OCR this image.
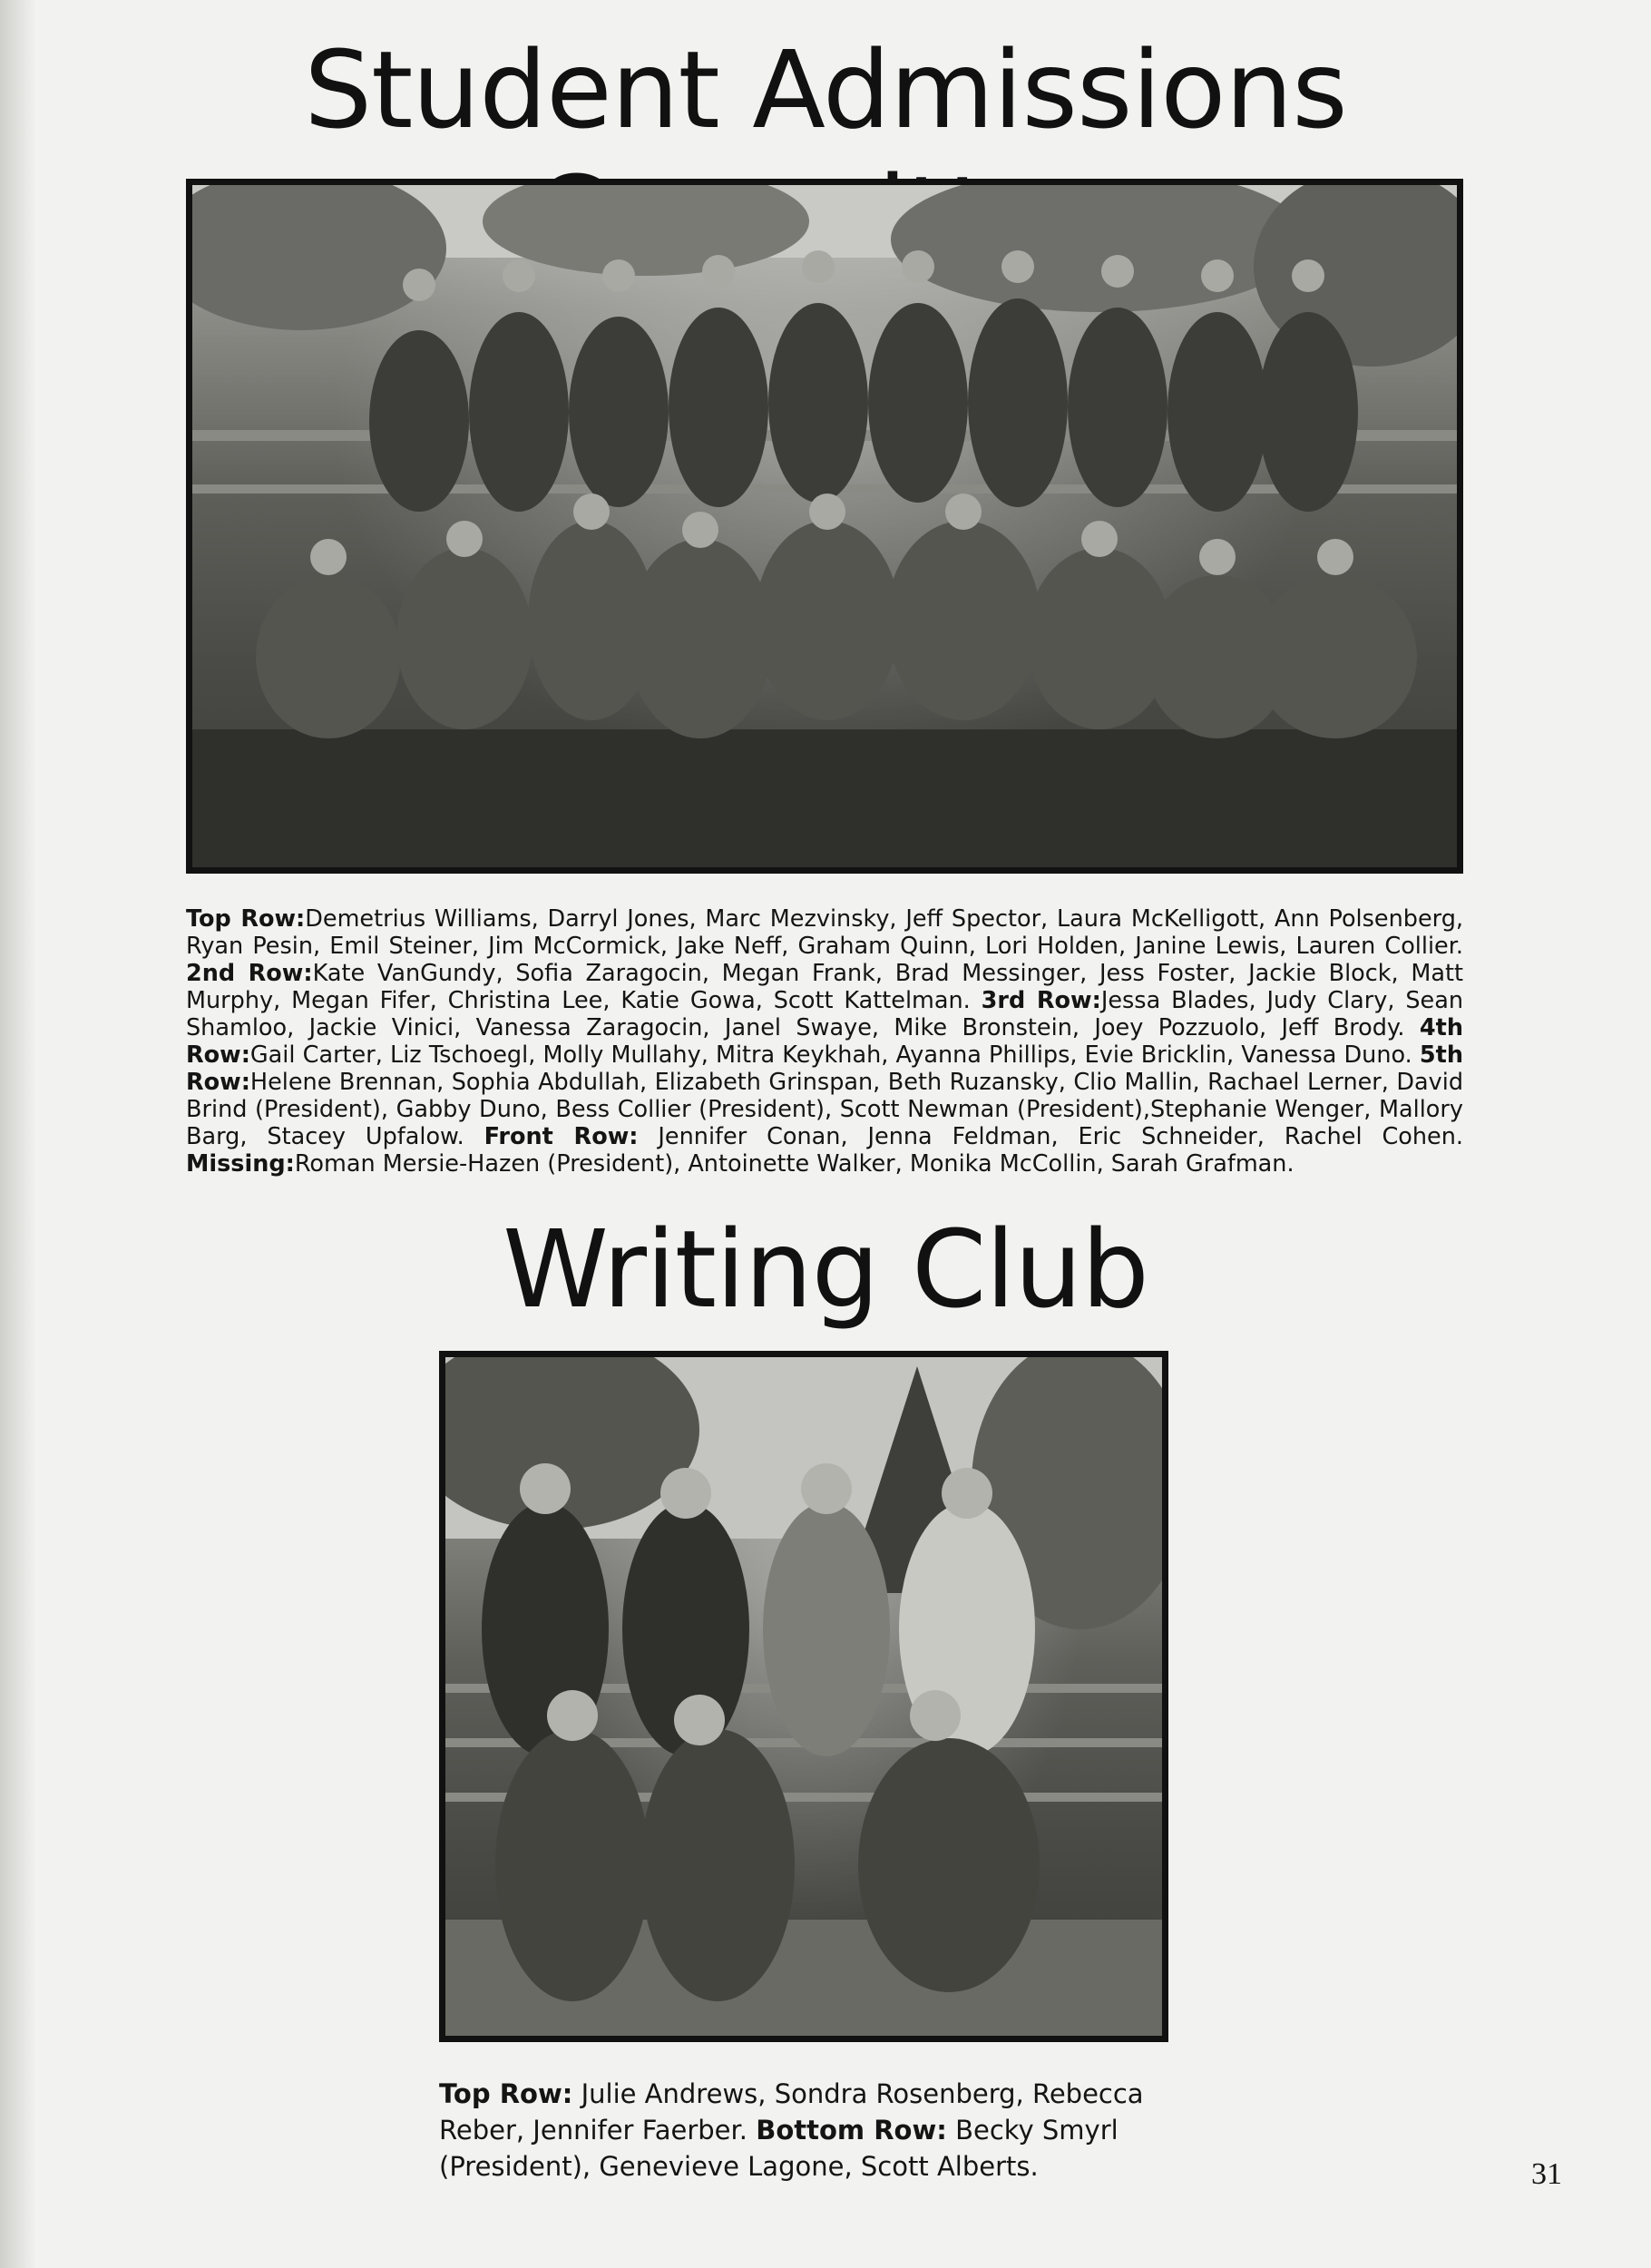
Student Admissions

Top Row:Demetrius Williams, Darryl Jones, Marc Mezvinsky, Jeff Spector, Laura McKelligott, Ann Polsenberg, Ryan Pesin, Emil Steiner, Jim McCormick, Jake Neff, Graham Quinn, Lori Holden, Janine Lewis, Lauren Collier. 2nd Row:Kate VanGundy, Sofia Zaragocin, Megan Frank, Brad Messinger, Jess Foster, Jackie Block, Matt Murphy, Megan Fifer, Christina Lee, Katie Gowa, Scott Kattelman. 3rd Row:Jessa Blades, Judy Clary, Sean Shamloo, Jackie Vinici, Vanessa Zaragocin, Janel Swaye, Mike Bronstein, Joey Pozzuolo, Jeff Brody. 4th Row:Gail Carter, Liz Tschoegl, Molly Mullahy, Mitra Keykhah, Ayanna Phillips, Evie Bricklin, Vanessa Duno. 5th Row:Helene Brennan, Sophia Abdullah, Elizabeth Grinspan, Beth Ruzansky, Clio Mallin, Rachael Lerner, David Brind (President), Gabby Duno, Bess Collier (President), Scott Newman (President),Stephanie Wenger, Mallory Barg, Stacey Upfalow. Front Row: Jennifer Conan, Jenna Feldman, Eric Schneider, Rachel Cohen. Missing:Roman Mersie-Hazen (President), Antoinette Walker, Monika McCollin, Sarah Grafman.

Writing Club

Top Row: Julie Andrews, Sondra Rosenberg, Rebecca Reber, Jennifer Faerber. Bottom Row: Becky Smyrl (President), Genevieve Lagone, Scott Alberts.	31
